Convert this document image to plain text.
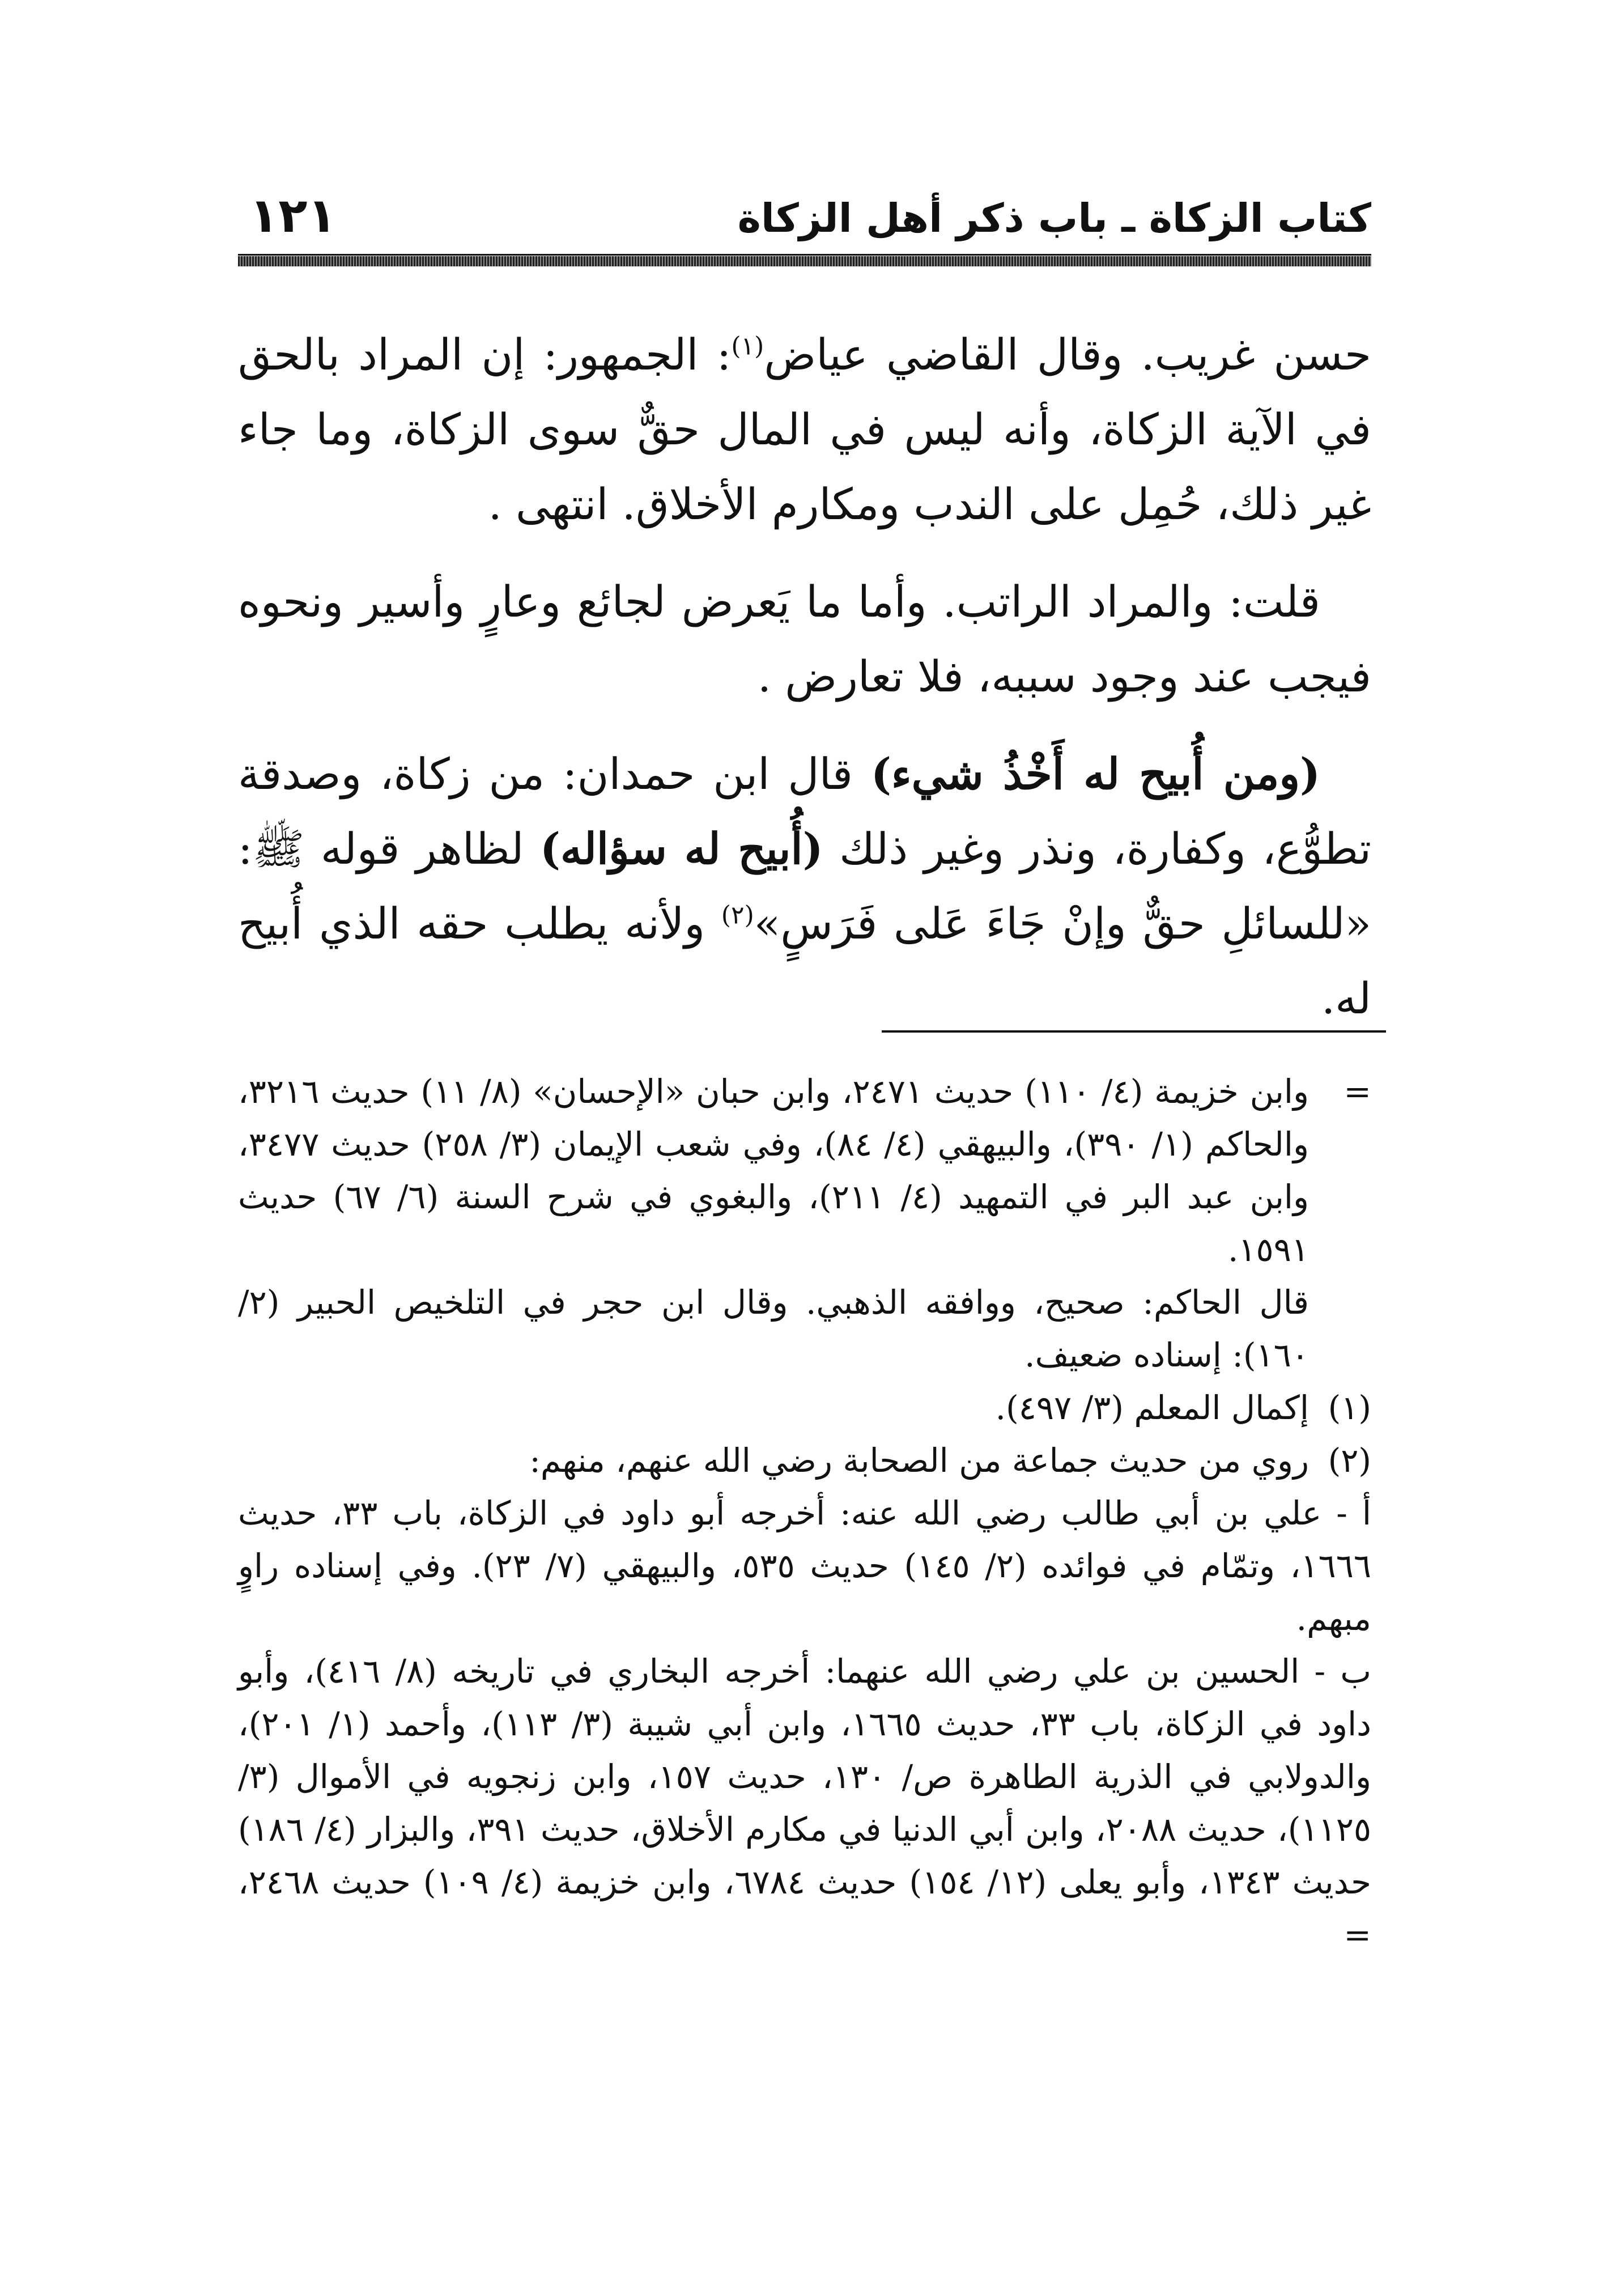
كتاب الزكاة ـ باب ذكر أهل الزكاة
١٢١

حسن غريب. وقال القاضي عياض$^{(١)}$: الجمهور: إن المراد بالحق في الآية الزكاة، وأنه ليس في المال حقٌّ سوى الزكاة، وما جاء غير ذلك، حُمِل على الندب ومكارم الأخلاق. انتهى .

قلت: والمراد الراتب. وأما ما يَعرض لجائع وعارٍ وأسير ونحوه فيجب عند وجود سببه، فلا تعارض .

(ومن أُبيح له أَخْذُ شيء) قال ابن حمدان: من زكاة، وصدقة تطوُّع، وكفارة، ونذر وغير ذلك (أُبيح له سؤاله) لظاهر قوله ﷺ: «للسائلِ حقٌّ وإنْ جَاءَ عَلى فَرَسٍ»$^{(٢)}$ ولأنه يطلب حقه الذي أُبيح له.

=

وابن خزيمة (٤/ ١١٠) حديث ٢٤٧١، وابن حبان «الإحسان» (٨/ ١١) حديث ٣٢١٦، والحاكم (١/ ٣٩٠)، والبيهقي (٤/ ٨٤)، وفي شعب الإيمان (٣/ ٢٥٨) حديث ٣٤٧٧، وابن عبد البر في التمهيد (٤/ ٢١١)، والبغوي في شرح السنة (٦/ ٦٧) حديث ١٥٩١.

قال الحاكم: صحيح، ووافقه الذهبي. وقال ابن حجر في التلخيص الحبير (٢/ ١٦٠): إسناده ضعيف.

(١)

إكمال المعلم (٣/ ٤٩٧).

(٢)

روي من حديث جماعة من الصحابة رضي الله عنهم، منهم:

أ - علي بن أبي طالب رضي الله عنه: أخرجه أبو داود في الزكاة، باب ٣٣، حديث ١٦٦٦، وتمّام في فوائده (٢/ ١٤٥) حديث ٥٣٥، والبيهقي (٧/ ٢٣). وفي إسناده راوٍ مبهم.

ب - الحسين بن علي رضي الله عنهما: أخرجه البخاري في تاريخه (٨/ ٤١٦)، وأبو داود في الزكاة، باب ٣٣، حديث ١٦٦٥، وابن أبي شيبة (٣/ ١١٣)، وأحمد (١/ ٢٠١)، والدولابي في الذرية الطاهرة ص/ ١٣٠، حديث ١٥٧، وابن زنجويه في الأموال (٣/ ١١٢٥)، حديث ٢٠٨٨، وابن أبي الدنيا في مكارم الأخلاق، حديث ٣٩١، والبزار (٤/ ١٨٦) حديث ١٣٤٣، وأبو يعلى (١٢/ ١٥٤) حديث ٦٧٨٤، وابن خزيمة (٤/ ١٠٩) حديث ٢٤٦٨، =
